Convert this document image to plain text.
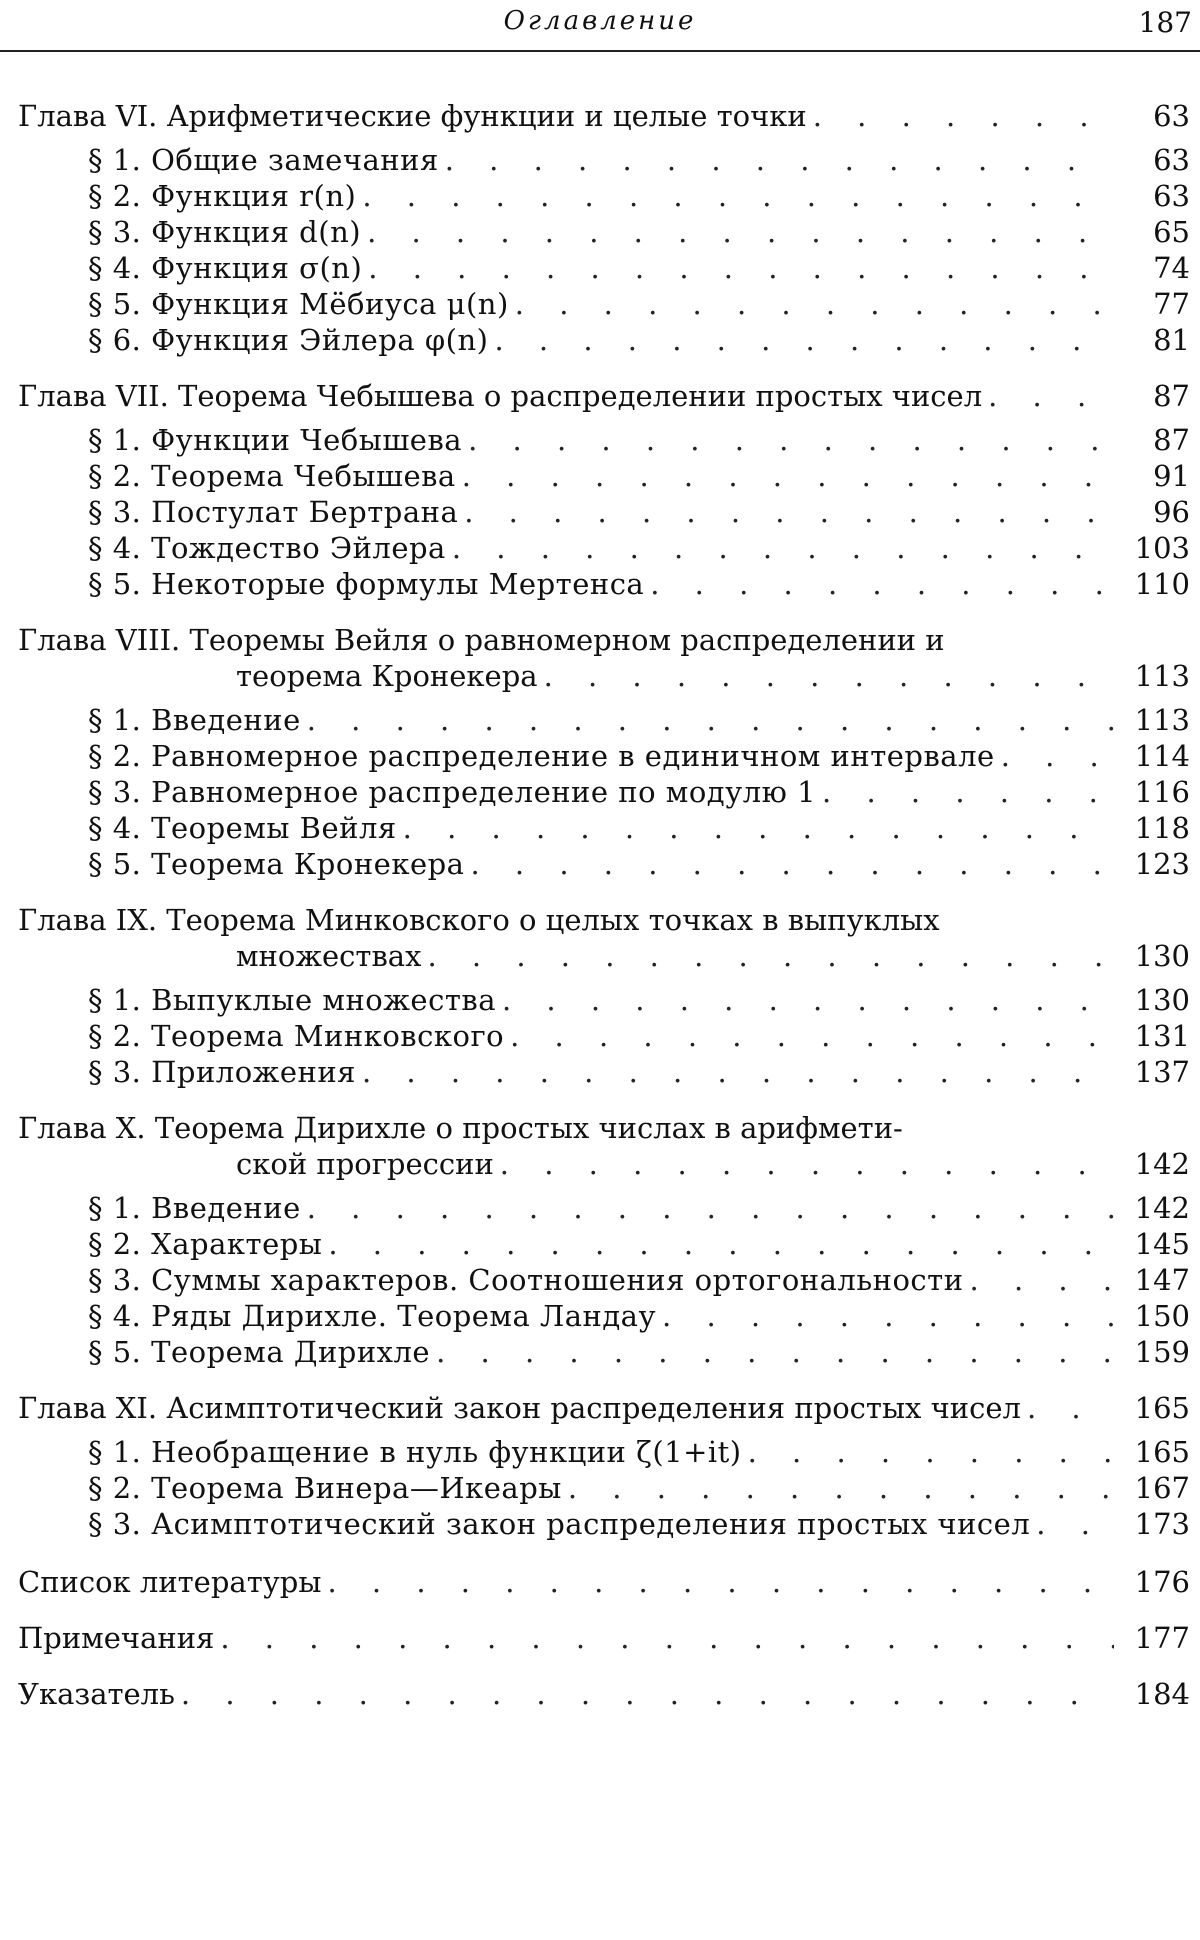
Оглавление	187
Глава VI. Арифметические функции и целые точки . . .	63
§ 1. Общие замечания . . .	63
§ 2. Функция r(n) . . .	63
§ 3. Функция d(n) . . .	65
§ 4. Функция σ(n) . . .	74
§ 5. Функция Мёбиуса μ(n) . . .	77
§ 6. Функция Эйлера φ(n) . . .	81
Глава VII. Теорема Чебышева о распределении простых чисел . . .	87
§ 1. Функции Чебышева . . .	87
§ 2. Теорема Чебышева . . .	91
§ 3. Постулат Бертрана . . .	96
§ 4. Тождество Эйлера . . .	103
§ 5. Некоторые формулы Мертенса . . .	110
Глава VIII. Теоремы Вейля о равномерном распределении и
теорема Кронекера . . .	113
§ 1. Введение . . .	113
§ 2. Равномерное распределение в единичном интервале . . .	114
§ 3. Равномерное распределение по модулю 1 . . .	116
§ 4. Теоремы Вейля . . .	118
§ 5. Теорема Кронекера . . .	123
Глава IX. Теорема Минковского о целых точках в выпуклых
множествах . . .	130
§ 1. Выпуклые множества . . .	130
§ 2. Теорема Минковского . . .	131
§ 3. Приложения . . .	137
Глава X. Теорема Дирихле о простых числах в арифмети-
ской прогрессии . . .	142
§ 1. Введение . . .	142
§ 2. Характеры . . .	145
§ 3. Суммы характеров. Соотношения ортогональности . . .	147
§ 4. Ряды Дирихле. Теорема Ландау . . .	150
§ 5. Теорема Дирихле . . .	159
Глава XI. Асимптотический закон распределения простых чисел . . .	165
§ 1. Необращение в нуль функции ζ(1+it) . . .	165
§ 2. Теорема Винера—Икеары . . .	167
§ 3. Асимптотический закон распределения простых чисел . . .	173
Список литературы . . .	176
Примечания . . .	177
Указатель . . .	184
